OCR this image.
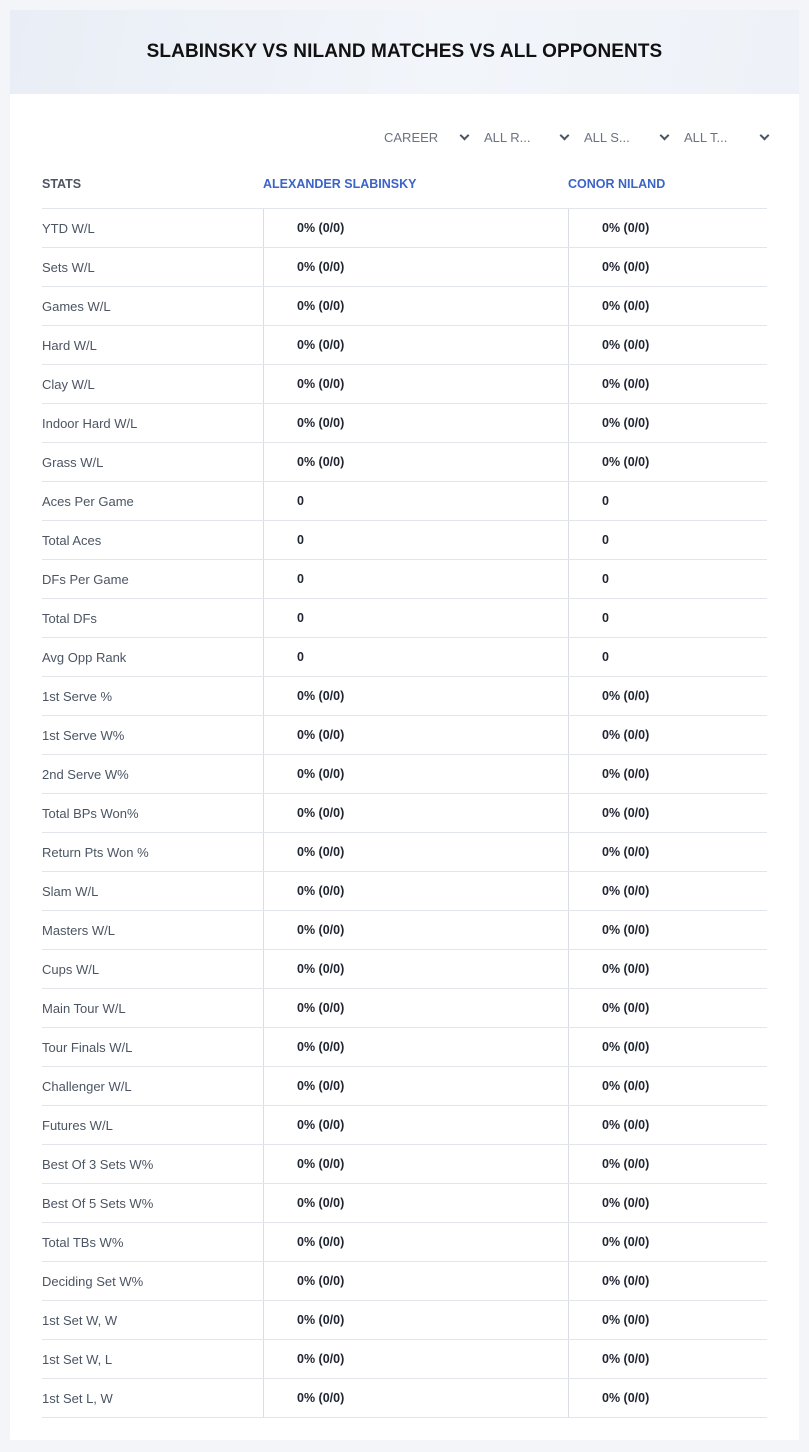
SLABINSKY VS NILAND MATCHES VS ALL OPPONENTS
CAREER	ALL R...	ALL S...	ALL T...
STATS	ALEXANDER SLABINSKY	CONOR NILAND
YTD W/L	0% (0/0)	0% (0/0)
Sets W/L	0% (0/0)	0% (0/0)
Games W/L	0% (0/0)	0% (0/0)
Hard W/L	0% (0/0)	0% (0/0)
Clay W/L	0% (0/0)	0% (0/0)
Indoor Hard W/L	0% (0/0)	0% (0/0)
Grass W/L	0% (0/0)	0% (0/0)
Aces Per Game	0	0
Total Aces	0	0
DFs Per Game	0	0
Total DFs	0	0
Avg Opp Rank	0	0
1st Serve %	0% (0/0)	0% (0/0)
1st Serve W%	0% (0/0)	0% (0/0)
2nd Serve W%	0% (0/0)	0% (0/0)
Total BPs Won%	0% (0/0)	0% (0/0)
Return Pts Won %	0% (0/0)	0% (0/0)
Slam W/L	0% (0/0)	0% (0/0)
Masters W/L	0% (0/0)	0% (0/0)
Cups W/L	0% (0/0)	0% (0/0)
Main Tour W/L	0% (0/0)	0% (0/0)
Tour Finals W/L	0% (0/0)	0% (0/0)
Challenger W/L	0% (0/0)	0% (0/0)
Futures W/L	0% (0/0)	0% (0/0)
Best Of 3 Sets W%	0% (0/0)	0% (0/0)
Best Of 5 Sets W%	0% (0/0)	0% (0/0)
Total TBs W%	0% (0/0)	0% (0/0)
Deciding Set W%	0% (0/0)	0% (0/0)
1st Set W, W	0% (0/0)	0% (0/0)
1st Set W, L	0% (0/0)	0% (0/0)
1st Set L, W	0% (0/0)	0% (0/0)
